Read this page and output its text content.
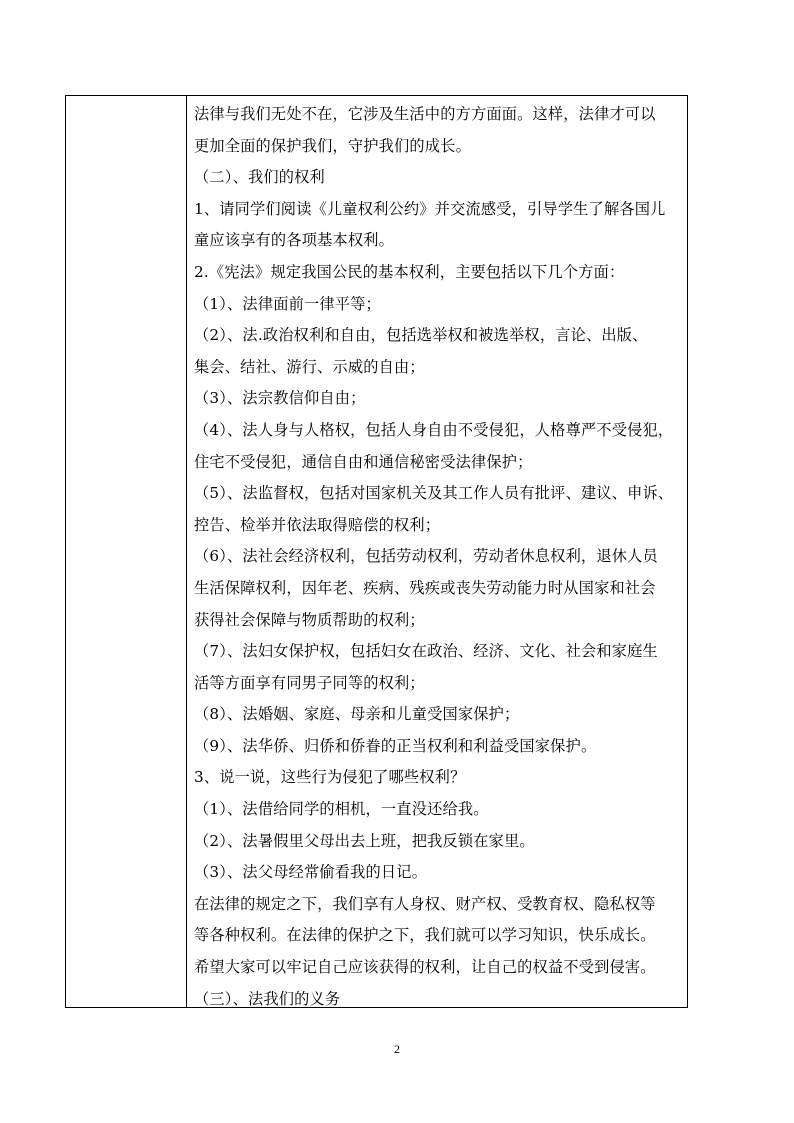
法律与我们无处不在，它涉及生活中的方方面面。这样，法律才可以
更加全面的保护我们，守护我们的成长。
（二）、我们的权利
1、请同学们阅读《儿童权利公约》并交流感受，引导学生了解各国儿
童应该享有的各项基本权利。
2.《宪法》规定我国公民的基本权利，主要包括以下几个方面：
（1）、法律面前一律平等；
（2）、法.政治权利和自由，包括选举权和被选举权，言论、出版、
集会、结社、游行、示威的自由；
（3）、法宗教信仰自由；
（4）、法人身与人格权，包括人身自由不受侵犯，人格尊严不受侵犯，
住宅不受侵犯，通信自由和通信秘密受法律保护；
（5）、法监督权，包括对国家机关及其工作人员有批评、建议、申诉、
控告、检举并依法取得赔偿的权利；
（6）、法社会经济权利，包括劳动权利，劳动者休息权利，退休人员
生活保障权利，因年老、疾病、残疾或丧失劳动能力时从国家和社会
获得社会保障与物质帮助的权利；
（7）、法妇女保护权，包括妇女在政治、经济、文化、社会和家庭生
活等方面享有同男子同等的权利；
（8）、法婚姻、家庭、母亲和儿童受国家保护；
（9）、法华侨、归侨和侨眷的正当权利和利益受国家保护。
3、说一说，这些行为侵犯了哪些权利？
（1）、法借给同学的相机，一直没还给我。
（2）、法暑假里父母出去上班，把我反锁在家里。
（3）、法父母经常偷看我的日记。
在法律的规定之下，我们享有人身权、财产权、受教育权、隐私权等
等各种权利。在法律的保护之下，我们就可以学习知识，快乐成长。
希望大家可以牢记自己应该获得的权利，让自己的权益不受到侵害。
（三）、法我们的义务
2
